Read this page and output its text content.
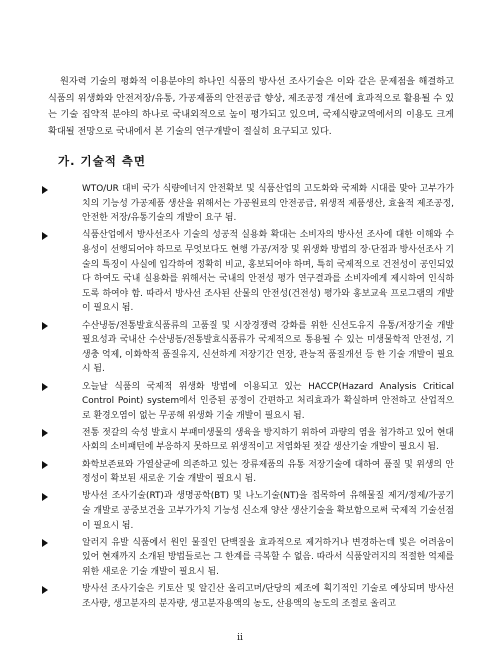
원자력 기술의 평화적 이용분야의 하나인 식품의 방사선 조사기술은 이와 같은 문제점을 해결하고 식품의 위생화와 안전저장/유통, 가공제품의 안전공급 향상, 제조공정 개선에 효과적으로 활용될 수 있는 기술 집약적 분야의 하나로 국내외적으로 높이 평가되고 있으며, 국제식량교역에서의 이용도 크게 확대될 전망으로 국내에서 본 기술의 연구개발이 절실히 요구되고 있다.

가. 기술적 측면
WTO/UR 대비 국가 식량에너지 안전확보 및 식품산업의 고도화와 국제화 시대를 맞아 고부가가치의 기능성 가공제품 생산을 위해서는 가공원료의 안전공급, 위생적 제품생산, 효율적 제조공정, 안전한 저장/유통기술의 개발이 요구 됨.
식품산업에서 방사선조사 기술의 성공적 실용화 확대는 소비자의 방사선 조사에 대한 이해와 수용성이 선행되어야 하므로 무엇보다도 현행 가공/저장 및 위생화 방법의 장·단점과 방사선조사 기술의 특징이 사실에 입각하여 정확히 비교, 홍보되어야 하며, 특히 국제적으로 건전성이 공인되었다 하여도 국내 실용화를 위해서는 국내의 안전성 평가 연구결과를 소비자에게 제시하여 인식하도록 하여야 함. 따라서 방사선 조사된 산물의 안전성(건전성) 평가와 홍보교육 프로그램의 개발이 필요시 됨.
수산냉동/전통발효식품류의 고품질 및 시장경쟁력 강화를 위한 신선도유지 유통/저장기술 개발 필요성과 국내산 수산냉동/전통발효식품류가 국제적으로 통용될 수 있는 미생물학적 안전성, 기생충 억제, 이화학적 품질유지, 신선하게 저장기간 연장, 관능적 품질개선 등 한 기술 개발이 필요시 됨.
오늘날 식품의 국제적 위생화 방법에 이용되고 있는 HACCP(Hazard Analysis Critical Control Point) system에서 인증된 공정이 간편하고 처리효과가 확실하며 안전하고 산업적으로 환경오염이 없는 무공해 위생화 기술 개발이 필요시 됨.
전통 젓갈의 숙성 발효시 부패미생물의 생육을 방지하기 위하여 과량의 염을 첨가하고 있어 현대사회의 소비패턴에 부응하지 못하므로 위생적이고 저염화된 젓갈 생산기술 개발이 필요시 됨.
화학보존료와 가열살균에 의존하고 있는 장류제품의 유통 저장기술에 대하여 품질 및 위생의 안정성이 확보된 새로운 기술 개발이 필요시 됨.
방사선 조사기술(RT)과 생명공학(BT) 및 나노기술(NT)을 접목하여 유해물질 제거/정제/가공기술 개발로 공중보건을 고부가가치 기능성 신소재 양산 생산기술을 확보함으로써 국제적 기술선점이 필요시 됨.
알러지 유발 식품에서 원인 물질인 단백질을 효과적으로 제거하거나 변경하는데 빛은 어려움이 있어 현재까지 소개된 방법들로는 그 한계를 극복할 수 없음. 따라서 식품알러지의 적절한 억제를 위한 새로운 기술 개발이 필요시 됨.
방사선 조사기술은 키토산 및 알긴산 올리고머/단당의 제조에 획기적인 기술로 예상되며 방사선 조사량, 생고분자의 분자량, 생고분자용액의 농도, 산용액의 농도의 조절로 올리고
ii
